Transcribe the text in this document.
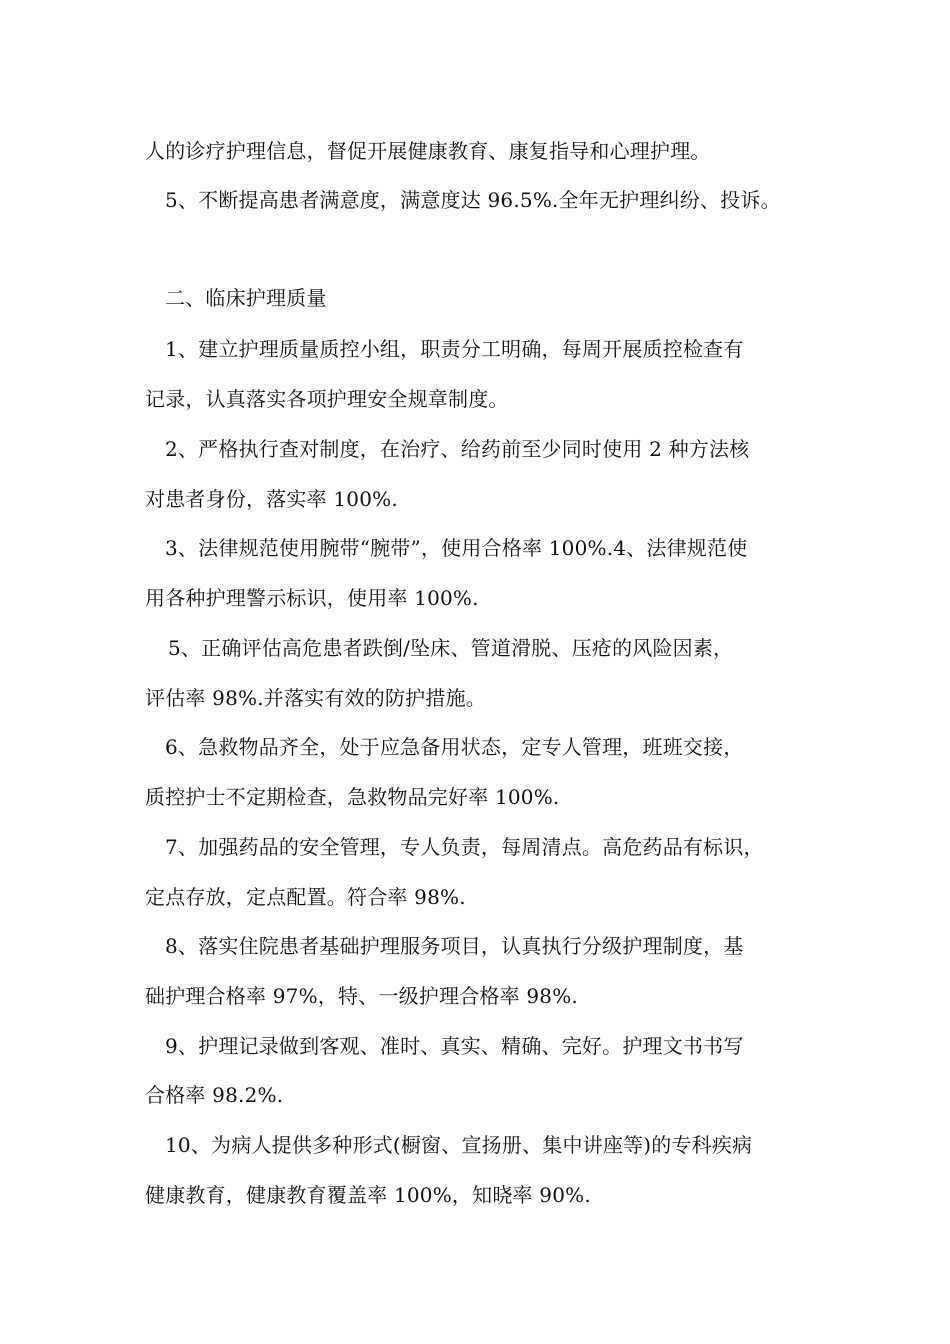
人的诊疗护理信息，督促开展健康教育、康复指导和心理护理。
5、不断提高患者满意度，满意度达 96.5%.全年无护理纠纷、投诉。
二、临床护理质量
1、建立护理质量质控小组，职责分工明确，每周开展质控检查有
记录，认真落实各项护理安全规章制度。
2、严格执行查对制度，在治疗、给药前至少同时使用 2 种方法核
对患者身份，落实率 100%.
3、法律规范使用腕带“腕带”，使用合格率 100%.4、法律规范使
用各种护理警示标识，使用率 100%.
5、正确评估高危患者跌倒/坠床、管道滑脱、压疮的风险因素，
评估率 98%.并落实有效的防护措施。
6、急救物品齐全，处于应急备用状态，定专人管理，班班交接，
质控护士不定期检查，急救物品完好率 100%.
7、加强药品的安全管理，专人负责，每周清点。高危药品有标识，
定点存放，定点配置。符合率 98%.
8、落实住院患者基础护理服务项目，认真执行分级护理制度，基
础护理合格率 97%，特、一级护理合格率 98%.
9、护理记录做到客观、准时、真实、精确、完好。护理文书书写
合格率 98.2%.
10、为病人提供多种形式(橱窗、宣扬册、集中讲座等)的专科疾病
健康教育，健康教育覆盖率 100%，知晓率 90%.
